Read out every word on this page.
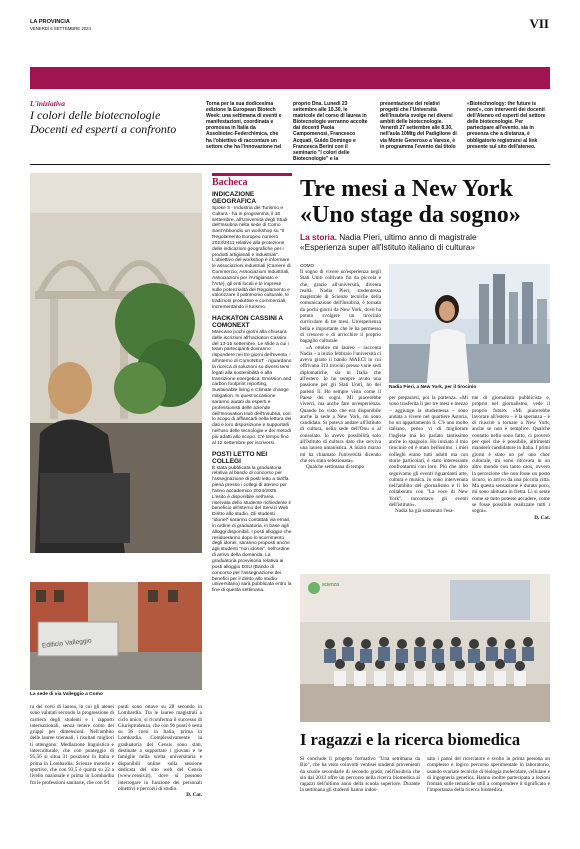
LA PROVINCIA
VENERDÌ 6 SETTEMBRE 2024	VII
L'iniziativa
I colori delle biotecnologie
Docenti ed esperti a confronto
Torna per la sua dodicesima edizione la European Biotech Week: una settimana di eventi e manifestazioni, coordinata e promossa in Italia da Assobiotec-Federchimica, che ha l'obiettivo di raccontare un settore che ha l'innovazione nel
proprio Dna. Lunedì 23 settembre alle 10.30, le matricole del corso di laurea in Biotecnologie verranno accolte dai docenti Paola Campomenosi, Francesco Acquati, Guido Domingo e Francesca Berini con il seminario "I colori delle Biotecnologie" e la
presentazione dei relativi progetti che l'Università dell'Insubria svolge nei diversi ambiti delle biotecnologie. Venerdì 27 settembre alle 8.30, nell'aula 10Mtg del Padiglione di via Monte Generoso a Varese, è in programma l'evento dal titolo
«Biotechnology: the future is now!», con interventi dei docenti dell'Ateneo ed esperti del settore delle biotecnologie. Per partecipare all'evento, sia in presenza che a distanza, è obbligatorio registrarsi al link presente sul sito dell'ateneo.
Bacheca
INDICAZIONE GEOGRAFICA
Spoke 3 - Industria del Turismo e Cultura - ha in programma, il 16 settembre, all'Università degli Studi dell'Insubria nella sede di Como Sant'Abbondio un workshop su "Il Regolamento Europeo numero 2023/2411 relativo alla protezione delle indicazioni geografiche per i prodotti artigianali e industriali". L'obiettivo del workshop è informare le associazioni industriali (Camere di Commercio, Associazioni Industriali, Associazioni per l'Artigianato e l'Arte), gli enti locali e le imprese sulle potenzialità del Regolamento e valorizzare il patrimonio culturale, le tradizioni produttive e commerciali, incrementando il turismo.
HACKATON CASSINI A COMONEXT
Mancano pochi giorni alla chiusura delle iscrizioni all'hackaton Cassini del 13-15 settembre. Le sfide a cui i team partecipanti dovranno rispondere nei tre giorni dell'evento - all'interno di ComoNExT - riguardano la ricerca di soluzioni su diversi temi legati alla sostenibilità e alla transizione energetica: Emission and carbon footprint reporting, Sustainable living e Climate change mitigation. In quest'occasione saranno aiutati da esperti e professionisti delle aziende dell'Innovation Hub dell'Insubria, con lo scopo di affiancarli nella lettura dei dati e loro disposizione e supportarli nell'uso delle tecnologie e dei metodi più adatti allo scopo. C'è tempo fino al 12 settembre per iscriversi.
POSTI LETTO NEI COLLEGI
È stata pubblicata la graduatoria relativa al bando di concorso per l'assegnazione di posti letto a tariffa piena presso i collegi di ateneo per l'anno accademico 2024/2025. L'esito è disponibile nell'area riservata dello studente richiedente il beneficio all'interno del Servizi Web Diritto allo studio. Gli studenti "idonei" saranno contattati via email, in ordine di graduatoria, in base agli alloggi disponibili. I posti alloggio che residueranno dopo lo scorrimento degli idonei, saranno proposti anche agli studenti "non idonei", nell'ordine di arrivo della domanda. La graduatoria provvisoria relativa ai posti alloggio DSU (Bando di concorso per l'assegnazione dei benefici per il diritto allo studio universitario) sarà pubblicata entro la fine di questa settimana.
Tre mesi a New York
«Uno stage da sogno»
La storia. Nadia Pieri, ultimo anno di magistrale
«Esperienza super all'Istituto italiano di cultura»
COMO

Il sogno di vivere un'esperienza negli Stati Uniti coltivato fin da piccola e che, grazie all'università, diventa realtà. Nadia Pieri, studentessa magistrale di Scienze tecniche della comunicazione dell'Insubria, è tornata da pochi giorni da New York, dove ha potuto svolgere un tirocinio curriculare di tre mesi. Un'esperienza bella e importante che le ha permesso di crescere e di arricchire il proprio bagaglio culturale.

«A ottobre mi laureo – racconta Nadia – a inizio febbraio l'università ci aveva girato il bando MAECI in cui offrivano 313 tirocini presso varie sedi diplomatiche, sia in Italia che all'estero. Io ho sempre avuto una passione per gli Stati Uniti, ho dei parenti lì. Ho sempre visto come il Paese dei sogni. Mi piacerebbe viverci, ma anche fare un'esperienza. Quando ho visto che era disponibile anche la sede a New York, mi sono candidata. Si poteva andare all'Istituto di cultura, nella sede dell'Onu o al consolato. Io avevo possibilità solo all'Istituto di cultura dato che serviva una laurea umanistica. A inizio marzo mi ha chiamato l'università dicendo che ero stata selezionata».

Qualche settimana di tempo

Nadia Pieri, a New York, per il tirocinio

per prepararsi, poi la partenza. «Mi sono trasferita lì per tre mesi e mezzo – aggiunge la studentessa – sono andata a vivere nel quartiere Astoria, ho un appartamento lì. C'è uno molto italiano, penso vi di migliorare l'inglese ma ho parlato tantissimo anche lo spagnolo. Ho iniziato il mio tirocinio ed è stato bellissimo: i miei colleghi erano tutti adulti ma con storie particolari, è stato interessante confrontarmi con loro. Più che altro seguivamo gli eventi riguardanti arte, cultura e musica. Io sono intervenuta nell'ambito del giornalismo e lì ho collaborato con "La voce di New York", raccontavo gli eventi dell'istituto».

Nadia ha già sostenuto l'esa-

me di giornalista pubblicista e, proprio nel giornalismo, vede il proprio futuro. «Mi piacerebbe lavorare all'estero – è la speranza – è di riuscire a tornare a New York, anche se non è semplice. Qualche contatto nello sono fatto, ci proverò per quel che è possibile, altrimenti manderò candidature in Italia. I primi giorni è stato un po' uno choc culturale, mi sono ritrovata in un altro mondo con tanto caos, ovvero la percezione che non fosse un posto sicuro, io arrivo da una piccola città. Ma questa sensazione è durata poco, mi sono abituata in fretta. Lì si sente come se tutto potesse accadere, come se fosse possibile realizzare tutti i sogni».

D. Cat.

Edificio Valleggio
La sede di via Valleggio a Como

ra dei corsi di laurea, in cui gli atenei sono valutati secondo la progressione di carriera degli studenti e i rapporti internazionali, senza tenere conto dei gruppi per dimensioni. Nell'ambito delle lauree triennali, i risultati migliori li ottengono: Mediazione linguistica e interculturale, che con punteggio di 95,56 si situa 31 posizioni in Italia e prima in Lombardia; Scienze motorie e sportive, che con 93,5 è quinta su 22 a livello nazionale e prima in Lombardia fra le professioni sanitarie, che con 94

punti sono ottave su 28 secondo in Lombardia. Tra le lauree magistrali a ciclo unico, si riconferma il successo di Giurisprudenza, che con 96 punti è sesta su 36 corsi in Italia, prima in Lombardia. Complessivamente la graduatoria del Censis sono stati, destinate a supportare i giovani e le famiglie nella scelta universitaria e disponibili online sulla sessione dedicata del sito web del Censis (www.censis.it), dove si possono interrogare in funzione dei personali obiettivi e percorsi di studio.

D. Cat.

scienza
I ragazzi e la ricerca biomedica

Si conclude il progetto formativo "Una settimana da Bio", che ha visto coinvolti ventisei studenti provenienti da scuole secondarie di secondo grado, nell'Insubria che sin dal 2013 offre un percorso nella ricerca biomedica ai ragazzi dell'ultimo anno della scuola superiore. Durante la settimana gli studenti hanno indos-

sato i panni del ricercatore e svolto in prima persona un complesso e logico percorso sperimentale in laboratorio, usando svariate tecniche di biologia molecolare, cellulare e di ingegneria genetica. Hanno inoltre partecipato a lezioni frontali sulle tematiche utili a comprendere il significato e l'importanza della ricerca biomedica.
